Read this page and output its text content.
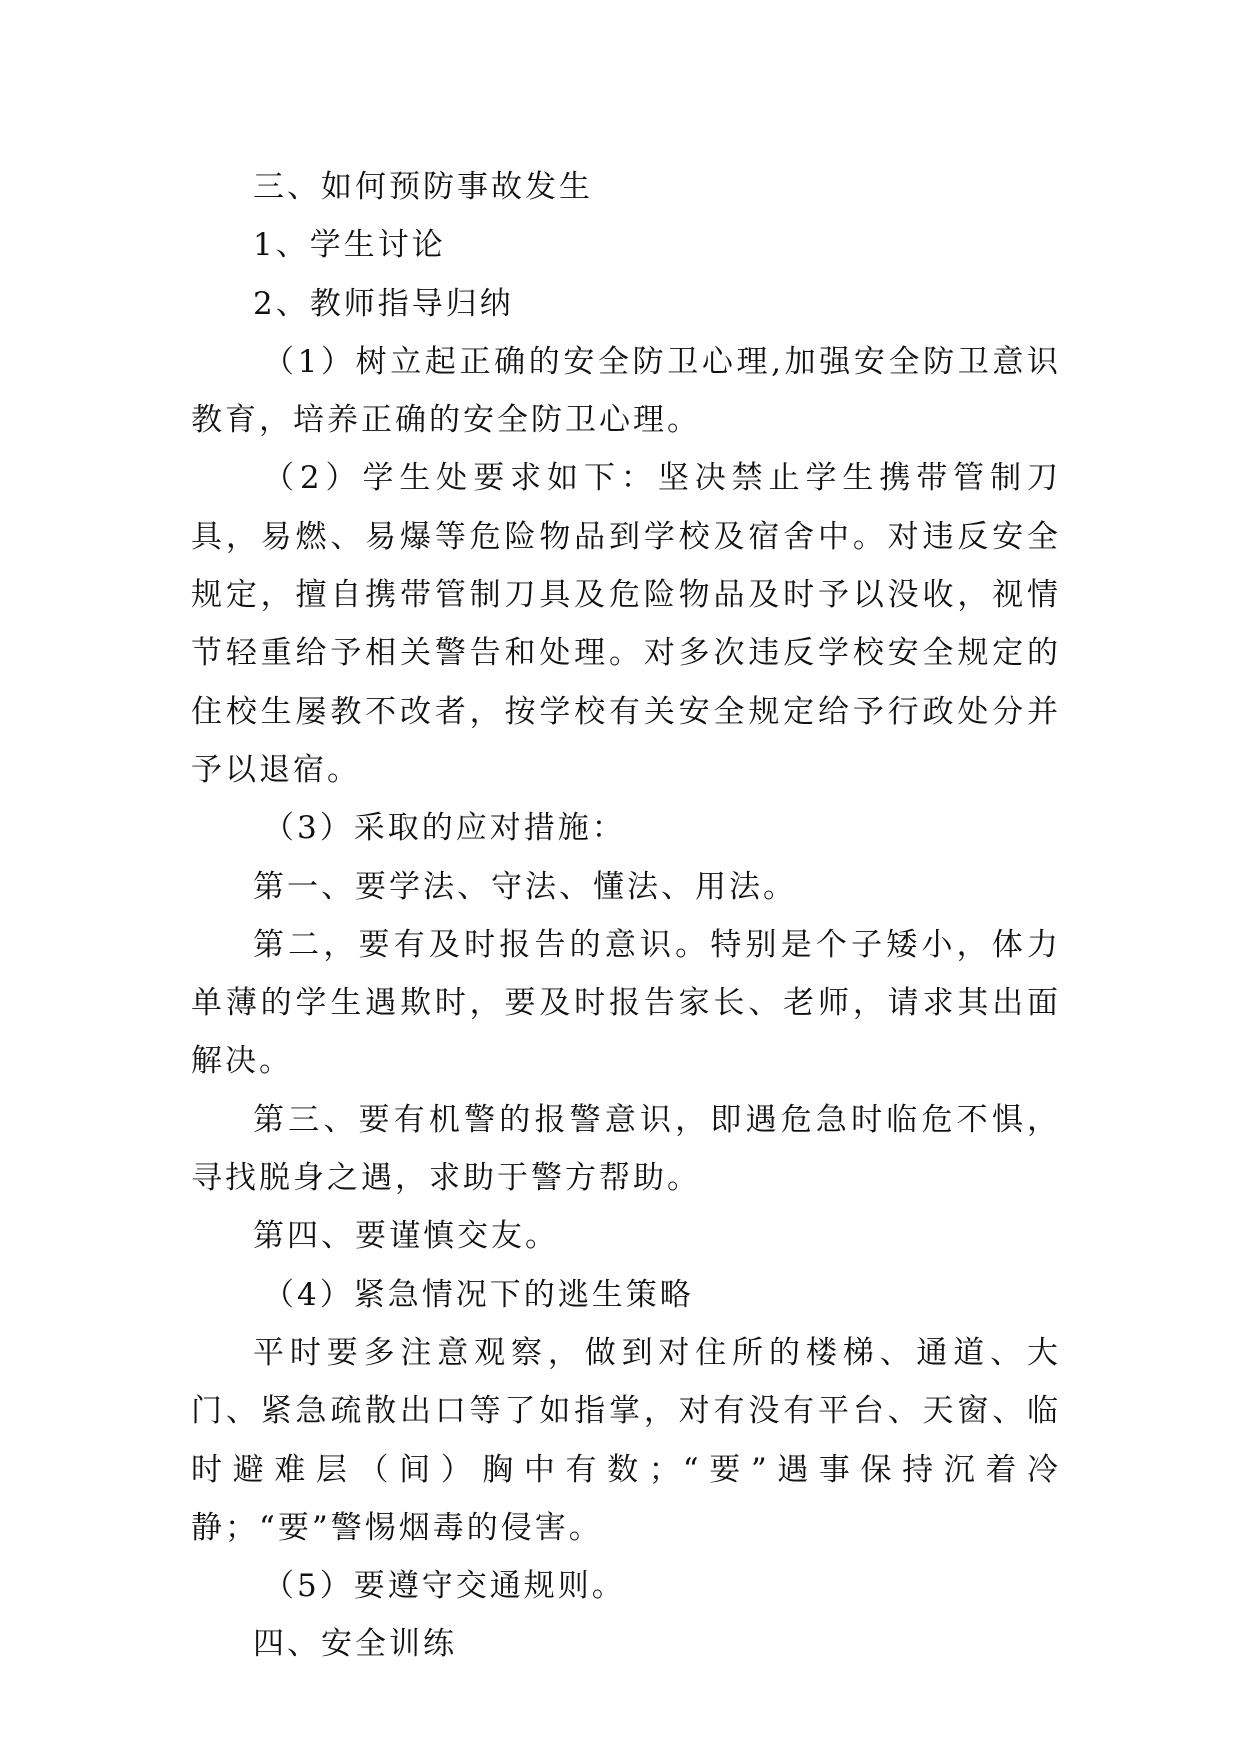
三、如何预防事故发生

1、学生讨论

2、教师指导归纳

（1）树立起正确的安全防卫心理,加强安全防卫意识教育，培养正确的安全防卫心理。

（2）学生处要求如下：坚决禁止学生携带管制刀具，易燃、易爆等危险物品到学校及宿舍中。对违反安全规定，擅自携带管制刀具及危险物品及时予以没收，视情节轻重给予相关警告和处理。对多次违反学校安全规定的住校生屡教不改者，按学校有关安全规定给予行政处分并予以退宿。

（3）采取的应对措施：

第一、要学法、守法、懂法、用法。

第二，要有及时报告的意识。特别是个子矮小，体力单薄的学生遇欺时，要及时报告家长、老师，请求其出面解决。

第三、要有机警的报警意识，即遇危急时临危不惧，寻找脱身之遇，求助于警方帮助。

第四、要谨慎交友。

（4）紧急情况下的逃生策略

平时要多注意观察，做到对住所的楼梯、通道、大门、紧急疏散出口等了如指掌，对有没有平台、天窗、临时避难层（间）胸中有数；“要”遇事保持沉着冷静；“要”警惕烟毒的侵害。

（5）要遵守交通规则。

四、安全训练
